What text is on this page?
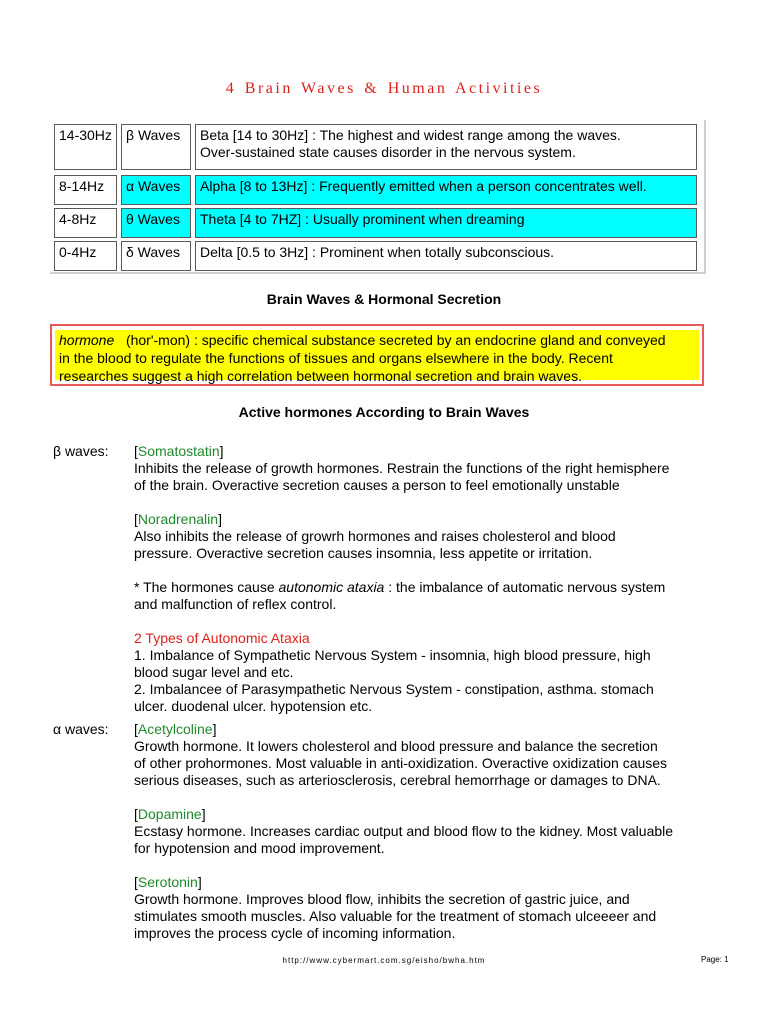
4 Brain Waves & Human Activities
14-30Hz	β Waves	Beta [14 to 30Hz] : The highest and widest range among the waves.
Over-sustained state causes disorder in the nervous system.
8-14Hz	α Waves	Alpha [8 to 13Hz] : Frequently emitted when a person concentrates well.
4-8Hz	θ Waves	Theta [4 to 7HZ] : Usually prominent when dreaming
0-4Hz	δ Waves	Delta [0.5 to 3Hz] : Prominent when totally subconscious.
Brain Waves & Hormonal Secretion
hormone (hor'-mon) : specific chemical substance secreted by an endocrine gland and conveyed
in the blood to regulate the functions of tissues and organs elsewhere in the body. Recent
researches suggest a high correlation between hormonal secretion and brain waves.
Active hormones According to Brain Waves
β waves: [Somatostatin]
Inhibits the release of growth hormones. Restrain the functions of the right hemisphere
of the brain. Overactive secretion causes a person to feel emotionally unstable
[Noradrenalin]
Also inhibits the release of growrh hormones and raises cholesterol and blood
pressure. Overactive secretion causes insomnia, less appetite or irritation.
* The hormones cause autonomic ataxia : the imbalance of automatic nervous system
and malfunction of reflex control.
2 Types of Autonomic Ataxia
1. Imbalance of Sympathetic Nervous System - insomnia, high blood pressure, high
blood sugar level and etc.
2. Imbalancee of Parasympathetic Nervous System - constipation, asthma. stomach
ulcer. duodenal ulcer. hypotension etc.
α waves: [Acetylcoline]
Growth hormone. It lowers cholesterol and blood pressure and balance the secretion
of other prohormones. Most valuable in anti-oxidization. Overactive oxidization causes
serious diseases, such as arteriosclerosis, cerebral hemorrhage or damages to DNA.
[Dopamine]
Ecstasy hormone. Increases cardiac output and blood flow to the kidney. Most valuable
for hypotension and mood improvement.
[Serotonin]
Growth hormone. Improves blood flow, inhibits the secretion of gastric juice, and
stimulates smooth muscles. Also valuable for the treatment of stomach ulceeeer and
improves the process cycle of incoming information.
http://www.cybermart.com.sg/eisho/bwha.htm	Page: 1
